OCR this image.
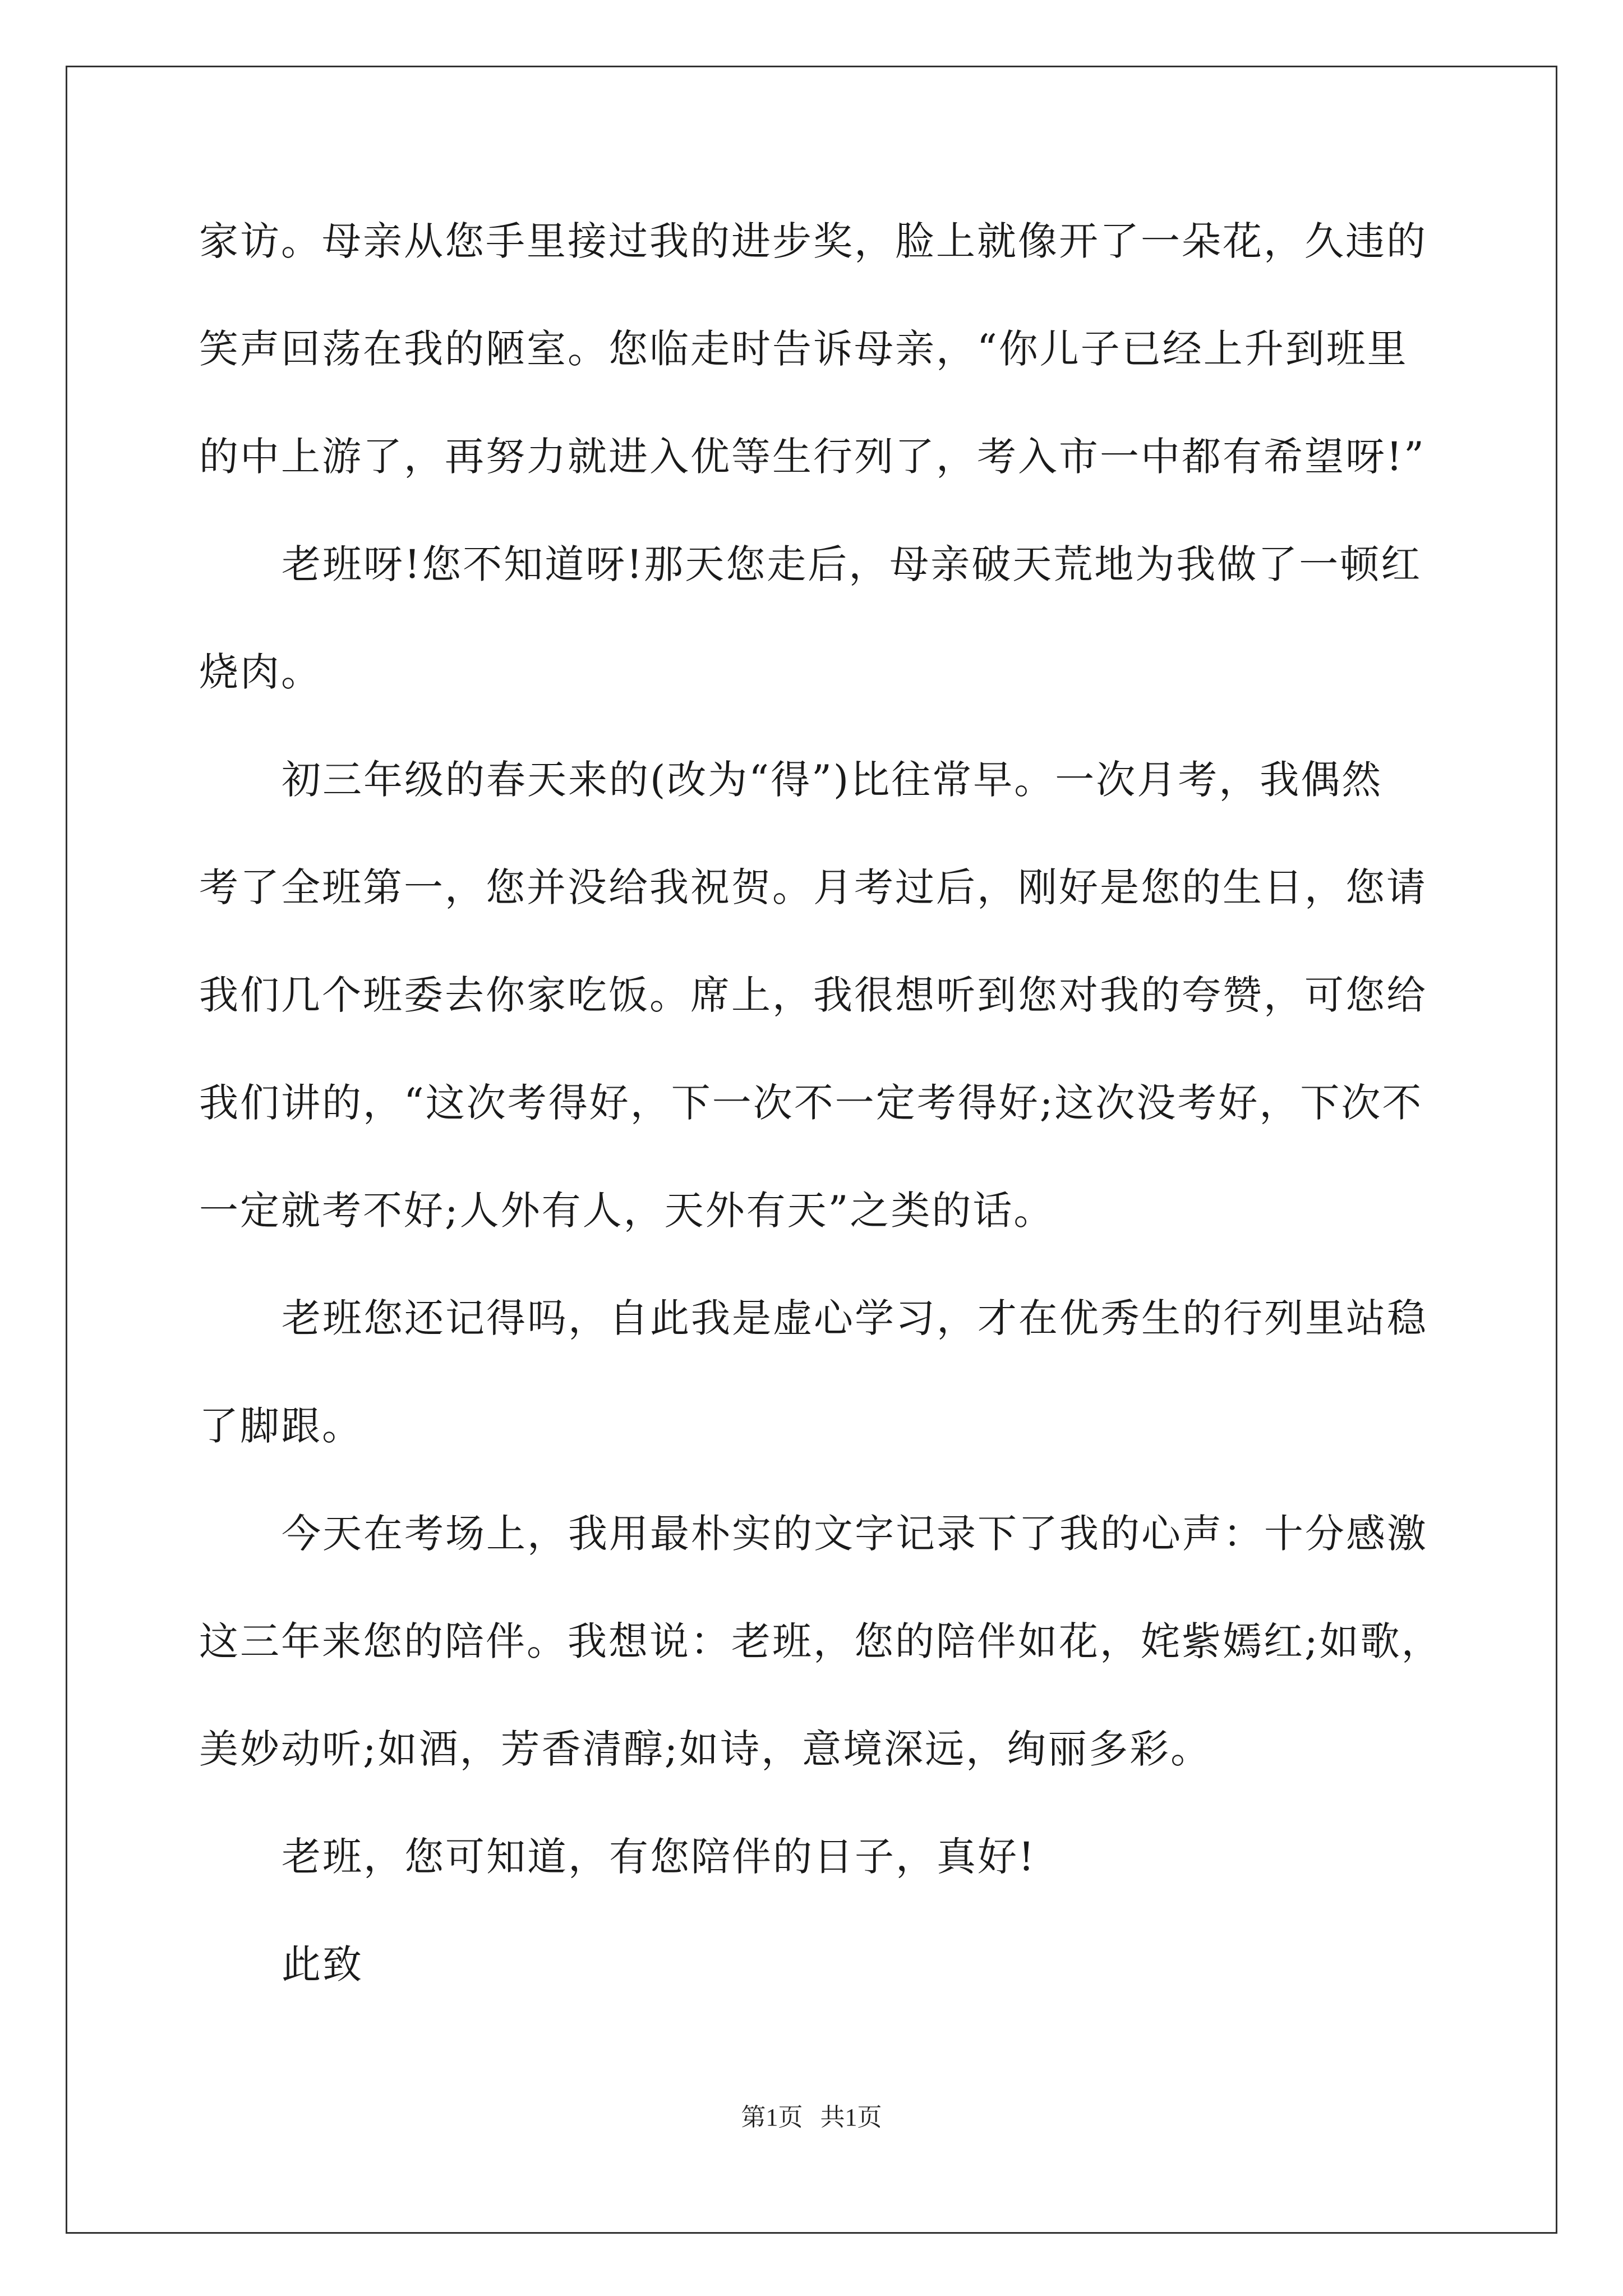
家访。母亲从您手里接过我的进步奖，脸上就像开了一朵花，久违的
笑声回荡在我的陋室。您临走时告诉母亲，“你儿子已经上升到班里
的中上游了，再努力就进入优等生行列了，考入市一中都有希望呀!”
老班呀!您不知道呀!那天您走后，母亲破天荒地为我做了一顿红
烧肉。
初三年级的春天来的(改为“得”)比往常早。一次月考，我偶然
考了全班第一，您并没给我祝贺。月考过后，刚好是您的生日，您请
我们几个班委去你家吃饭。席上，我很想听到您对我的夸赞，可您给
我们讲的，“这次考得好，下一次不一定考得好;这次没考好，下次不
一定就考不好;人外有人，天外有天”之类的话。
老班您还记得吗，自此我是虚心学习，才在优秀生的行列里站稳
了脚跟。
今天在考场上，我用最朴实的文字记录下了我的心声：十分感激
这三年来您的陪伴。我想说：老班，您的陪伴如花，姹紫嫣红;如歌，
美妙动听;如酒，芳香清醇;如诗，意境深远，绚丽多彩。
老班，您可知道，有您陪伴的日子，真好!
此致
第1页 共1页
